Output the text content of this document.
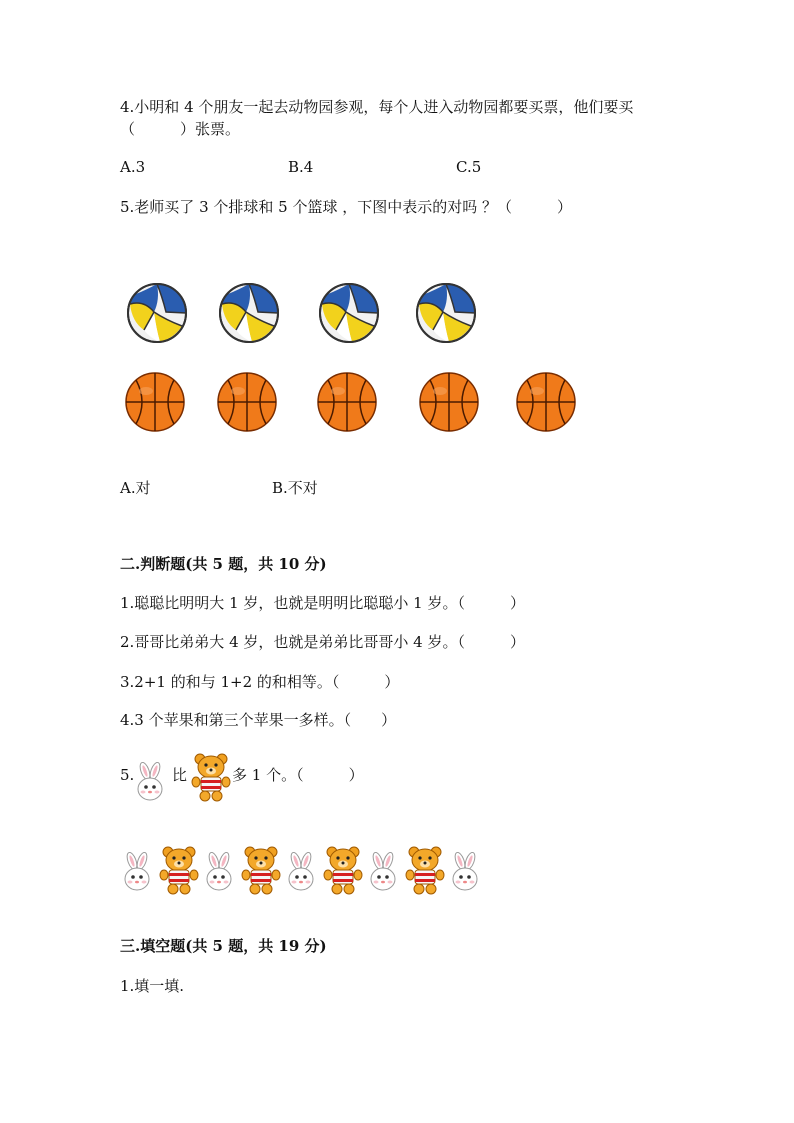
4.小明和 4 个朋友一起去动物园参观，每个人进入动物园都要买票，他们要买
（　　　）张票。
A.3	B.4	C.5
5.老师买了 3 个排球和 5 个篮球 ，下图中表示的对吗 ？（　　　）
A.对	B.不对
二.判断题(共 5 题，共 10 分)
1.聪聪比明明大 1 岁，也就是明明比聪聪小 1 岁。（　　　）
2.哥哥比弟弟大 4 岁，也就是弟弟比哥哥小 4 岁。（　　　）
3.2+1 的和与 1+2 的和相等。（　　　）
4.3 个苹果和第三个苹果一多样。（　　）
5.	比	多 1 个。（　　　）
三.填空题(共 5 题，共 19 分)
1.填一填.
